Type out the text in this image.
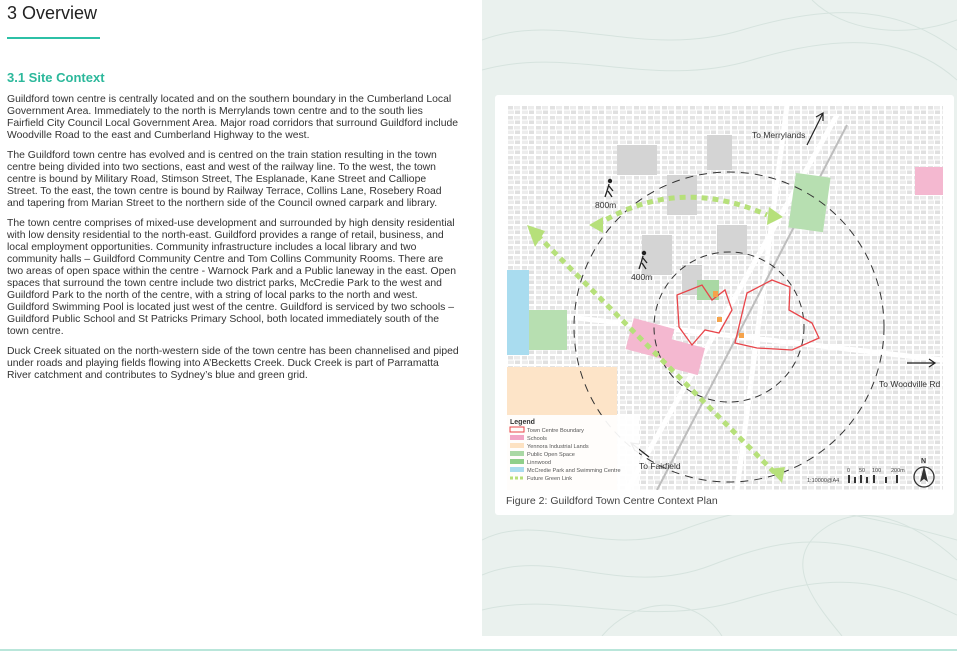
3 Overview
3.1 Site Context

Guildford town centre is centrally located and on the southern boundary in the Cumberland Local Government Area. Immediately to the north is Merrylands town centre and to the south lies Fairfield City Council Local Government Area. Major road corridors that surround Guildford include Woodville Road to the east and Cumberland Highway to the west.

The Guildford town centre has evolved and is centred on the train station resulting in the town centre being divided into two sections, east and west of the railway line. To the west, the town centre is bound by Military Road, Stimson Street, The Esplanade, Kane Street and Calliope Street. To the east, the town centre is bound by Railway Terrace, Collins Lane, Rosebery Road and tapering from Marian Street to the northern side of the Council owned carpark and library.

The town centre comprises of mixed-use development and surrounded by high density residential with low density residential to the north-east. Guildford provides a range of retail, business, and local employment opportunities. Community infrastructure includes a local library and two community halls – Guildford Community Centre and Tom Collins Community Rooms. There are two areas of open space within the centre - Warnock Park and a Public laneway in the east. Open spaces that surround the town centre include two district parks, McCredie Park to the west and Guildford Park to the north of the centre, with a string of local parks to the north and west. Guildford Swimming Pool is located just west of the centre. Guildford is serviced by two schools – Guildford Public School and St Patricks Primary School, both located immediately south of the town centre.

Duck Creek situated on the north-western side of the town centre has been channelised and piped under roads and playing fields flowing into A’Becketts Creek. Duck Creek is part of Parramatta River catchment and contributes to Sydney’s blue and green grid.

To Merrylands
To Woodville Rd
To Fairfield
800m
400m
Legend
Town Centre Boundary
Schools
Yennora Industrial Lands
Public Open Space
Linnwood
McCredie Park and Swimming Centre
Future Green Link
0 50 100 200m
1:10000@A4
N
Figure 2: Guildford Town Centre Context Plan
